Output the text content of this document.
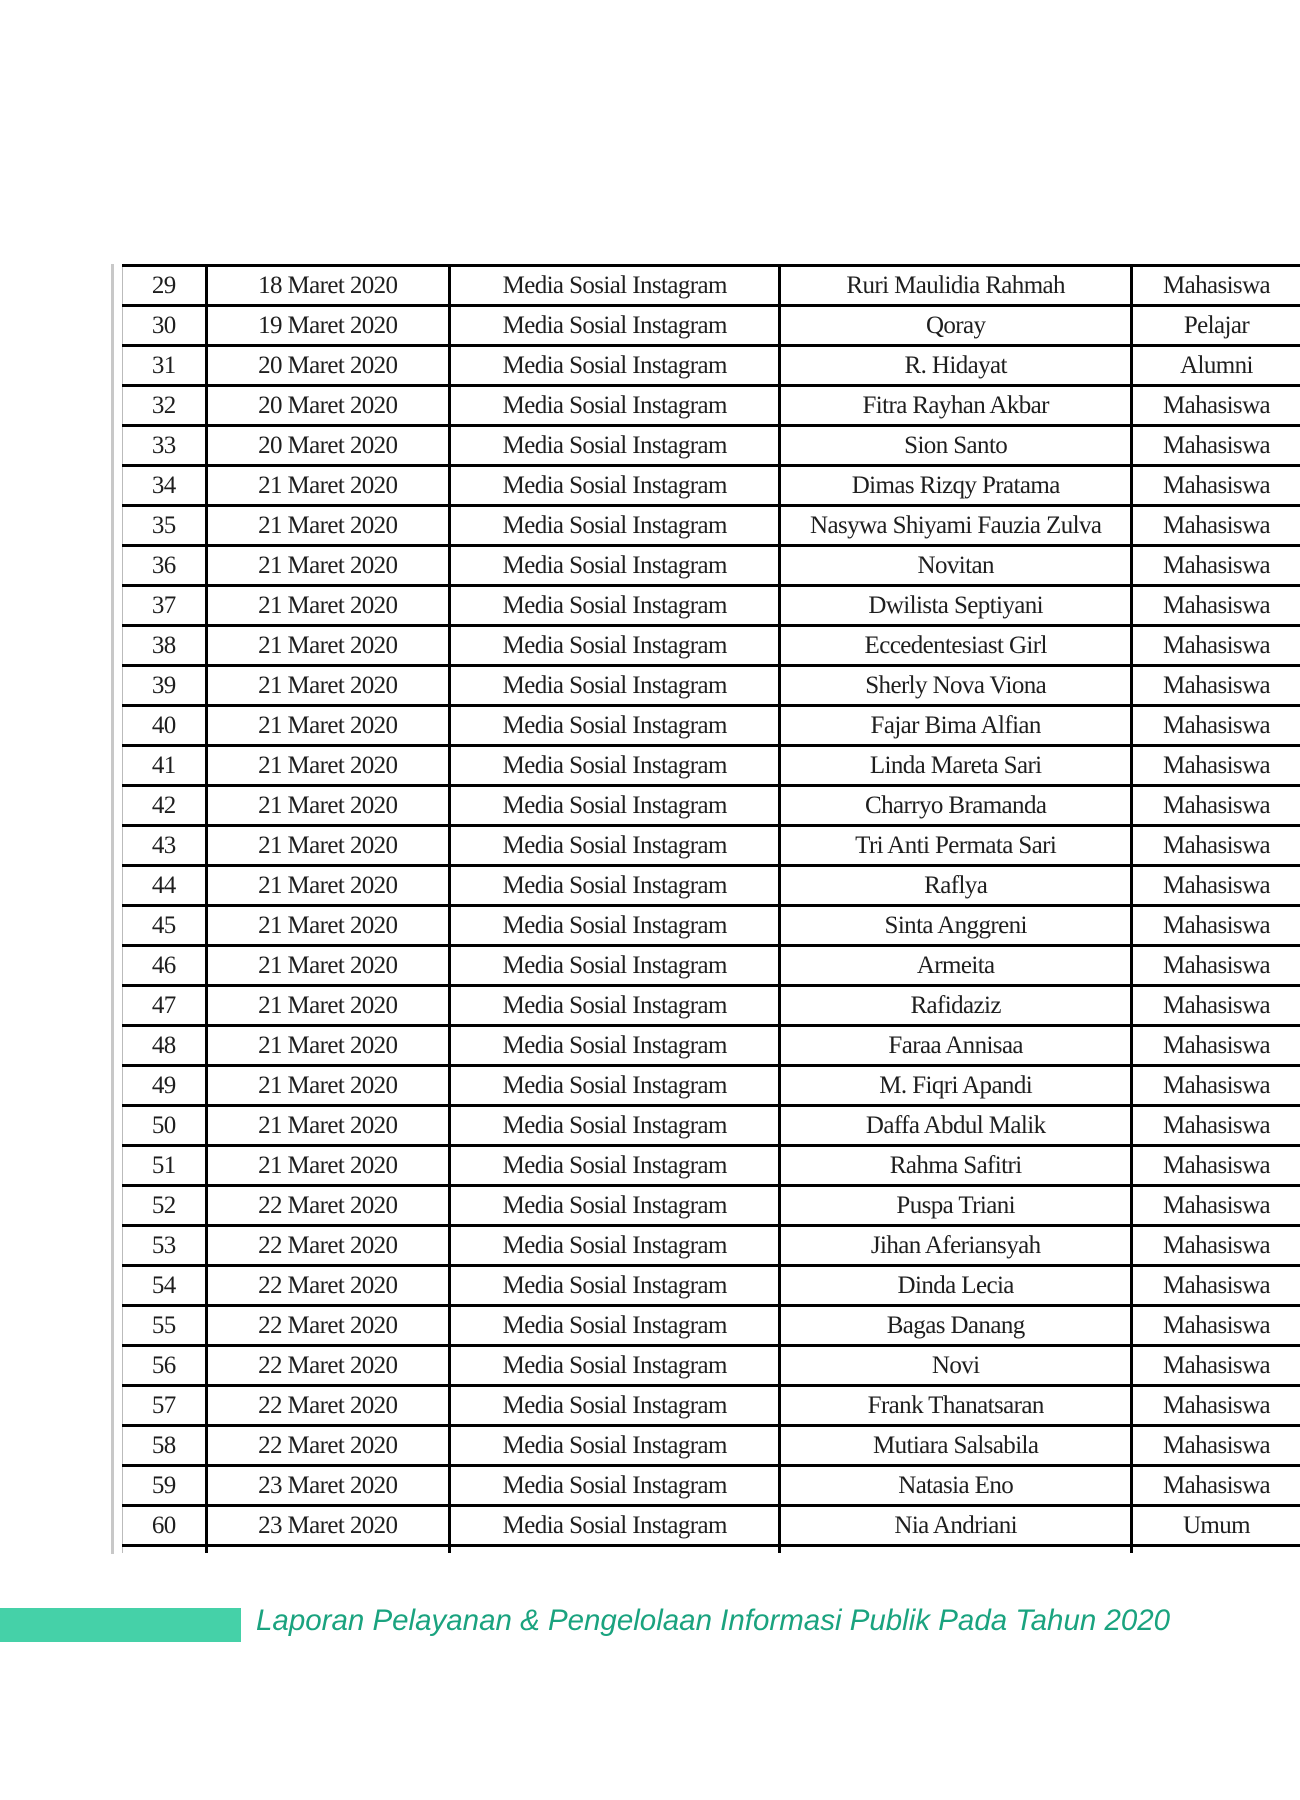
29	18 Maret 2020	Media Sosial Instagram	Ruri Maulidia Rahmah	Mahasiswa
30	19 Maret 2020	Media Sosial Instagram	Qoray	Pelajar
31	20 Maret 2020	Media Sosial Instagram	R. Hidayat	Alumni
32	20 Maret 2020	Media Sosial Instagram	Fitra Rayhan Akbar	Mahasiswa
33	20 Maret 2020	Media Sosial Instagram	Sion Santo	Mahasiswa
34	21 Maret 2020	Media Sosial Instagram	Dimas Rizqy Pratama	Mahasiswa
35	21 Maret 2020	Media Sosial Instagram	Nasywa Shiyami Fauzia Zulva	Mahasiswa
36	21 Maret 2020	Media Sosial Instagram	Novitan	Mahasiswa
37	21 Maret 2020	Media Sosial Instagram	Dwilista Septiyani	Mahasiswa
38	21 Maret 2020	Media Sosial Instagram	Eccedentesiast Girl	Mahasiswa
39	21 Maret 2020	Media Sosial Instagram	Sherly Nova Viona	Mahasiswa
40	21 Maret 2020	Media Sosial Instagram	Fajar Bima Alfian	Mahasiswa
41	21 Maret 2020	Media Sosial Instagram	Linda Mareta Sari	Mahasiswa
42	21 Maret 2020	Media Sosial Instagram	Charryo Bramanda	Mahasiswa
43	21 Maret 2020	Media Sosial Instagram	Tri Anti Permata Sari	Mahasiswa
44	21 Maret 2020	Media Sosial Instagram	Raflya	Mahasiswa
45	21 Maret 2020	Media Sosial Instagram	Sinta Anggreni	Mahasiswa
46	21 Maret 2020	Media Sosial Instagram	Armeita	Mahasiswa
47	21 Maret 2020	Media Sosial Instagram	Rafidaziz	Mahasiswa
48	21 Maret 2020	Media Sosial Instagram	Faraa Annisaa	Mahasiswa
49	21 Maret 2020	Media Sosial Instagram	M. Fiqri Apandi	Mahasiswa
50	21 Maret 2020	Media Sosial Instagram	Daffa Abdul Malik	Mahasiswa
51	21 Maret 2020	Media Sosial Instagram	Rahma Safitri	Mahasiswa
52	22 Maret 2020	Media Sosial Instagram	Puspa Triani	Mahasiswa
53	22 Maret 2020	Media Sosial Instagram	Jihan Aferiansyah	Mahasiswa
54	22 Maret 2020	Media Sosial Instagram	Dinda Lecia	Mahasiswa
55	22 Maret 2020	Media Sosial Instagram	Bagas Danang	Mahasiswa
56	22 Maret 2020	Media Sosial Instagram	Novi	Mahasiswa
57	22 Maret 2020	Media Sosial Instagram	Frank Thanatsaran	Mahasiswa
58	22 Maret 2020	Media Sosial Instagram	Mutiara Salsabila	Mahasiswa
59	23 Maret 2020	Media Sosial Instagram	Natasia Eno	Mahasiswa
60	23 Maret 2020	Media Sosial Instagram	Nia Andriani	Umum

Laporan Pelayanan & Pengelolaan Informasi Publik Pada Tahun 2020
